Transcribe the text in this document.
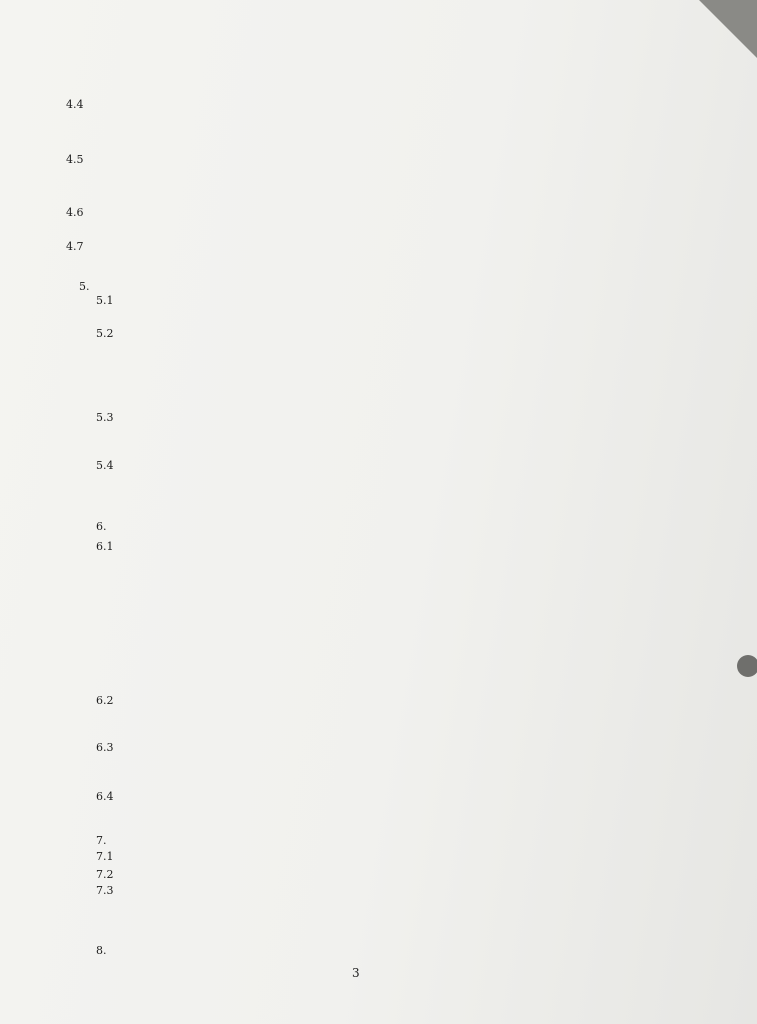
4.4
4.5
4.6
4.7
5.
5.1
5.2
5.3
5.4
6.
6.1
6.2
6.3
6.4
7.
7.1
7.2
7.3
8.
3
